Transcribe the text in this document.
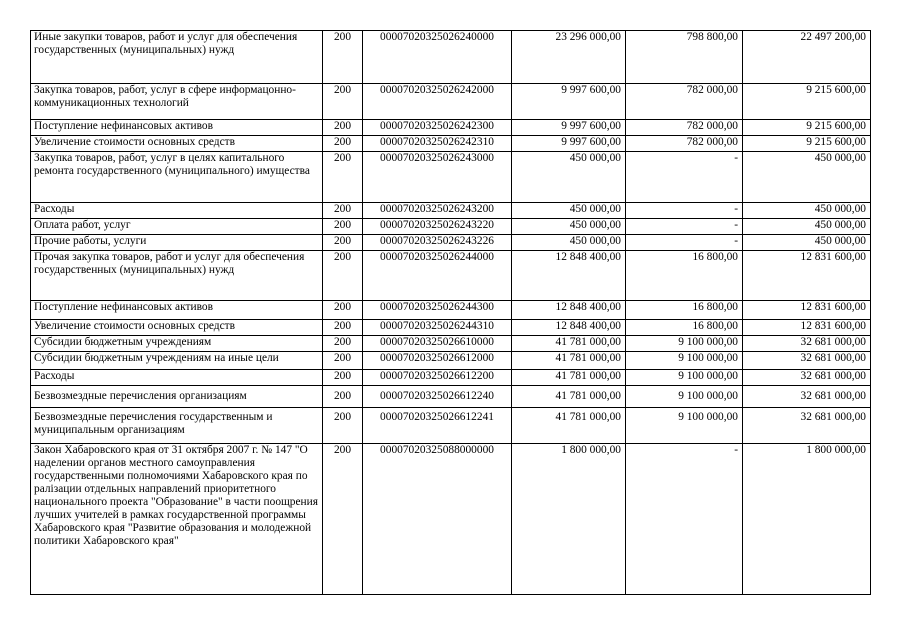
Иные закупки товаров, работ и услуг для обеспечения государственных (муниципальных) нужд	200	00007020325026240000	23 296 000,00	798 800,00	22 497 200,00
Закупка товаров, работ, услуг в сфере информацонно-коммуникационных технологий	200	00007020325026242000	9 997 600,00	782 000,00	9 215 600,00
Поступление нефинансовых активов	200	00007020325026242300	9 997 600,00	782 000,00	9 215 600,00
Увеличение стоимости основных средств	200	00007020325026242310	9 997 600,00	782 000,00	9 215 600,00
Закупка товаров, работ, услуг в целях капитального ремонта государственного (муниципального) имущества	200	00007020325026243000	450 000,00	-	450 000,00
Расходы	200	00007020325026243200	450 000,00	-	450 000,00
Оплата работ, услуг	200	00007020325026243220	450 000,00	-	450 000,00
Прочие работы, услуги	200	00007020325026243226	450 000,00	-	450 000,00
Прочая закупка товаров, работ и услуг для обеспечения государственных (муниципальных) нужд	200	00007020325026244000	12 848 400,00	16 800,00	12 831 600,00
Поступление нефинансовых активов	200	00007020325026244300	12 848 400,00	16 800,00	12 831 600,00
Увеличение стоимости основных средств	200	00007020325026244310	12 848 400,00	16 800,00	12 831 600,00
Субсидии бюджетным учреждениям	200	00007020325026610000	41 781 000,00	9 100 000,00	32 681 000,00
Субсидии бюджетным учреждениям на иные цели	200	00007020325026612000	41 781 000,00	9 100 000,00	32 681 000,00
Расходы	200	00007020325026612200	41 781 000,00	9 100 000,00	32 681 000,00
Безвозмездные перечисления организациям	200	00007020325026612240	41 781 000,00	9 100 000,00	32 681 000,00
Безвозмездные перечисления государственным и муниципальным организациям	200	00007020325026612241	41 781 000,00	9 100 000,00	32 681 000,00
Закон Хабаровского края от 31 октября 2007 г. № 147 "О наделении органов местного самоуправления государственными полномочиями Хабаровского края по ралізации отдельных направлений приоритетного национального проекта "Образование" в части поощрения лучших учителей в рамках государственной программы Хабаровского края "Развитие образования и молодежной политики Хабаровского края"	200	00007020325088000000	1 800 000,00	-	1 800 000,00
